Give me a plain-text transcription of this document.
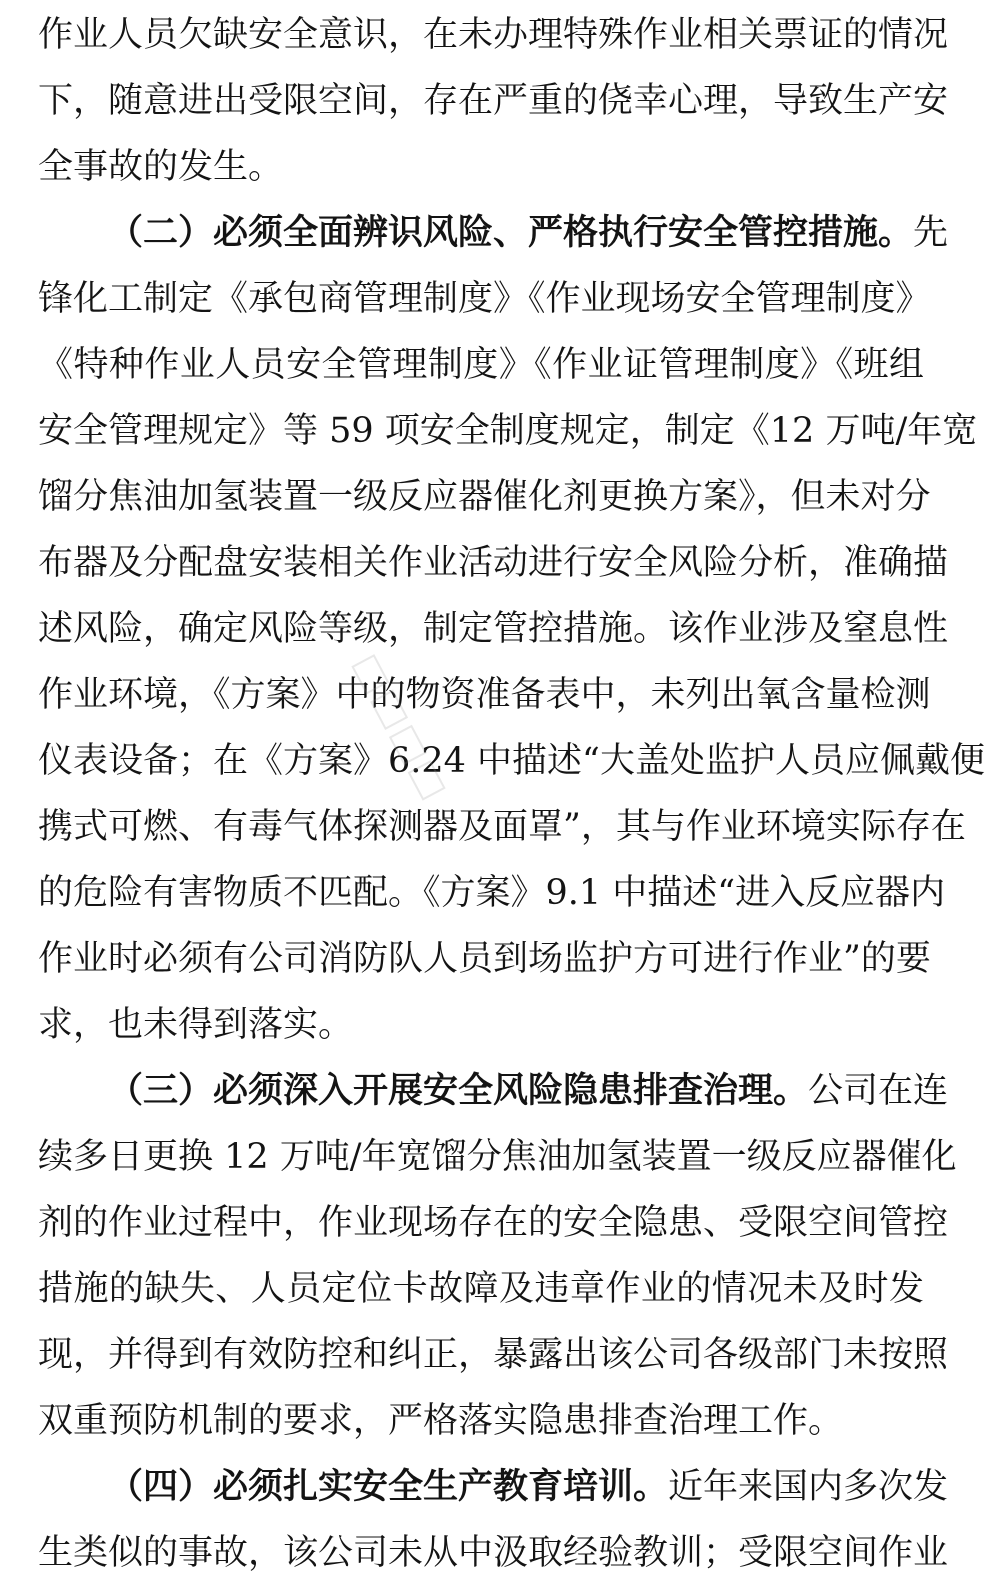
作业人员欠缺安全意识，在未办理特殊作业相关票证的情况
下，随意进出受限空间，存在严重的侥幸心理，导致生产安
全事故的发生。
（二）必须全面辨识风险、严格执行安全管控措施。先
锋化工制定《承包商管理制度》《作业现场安全管理制度》
《特种作业人员安全管理制度》《作业证管理制度》《班组
安全管理规定》等 59 项安全制度规定，制定《12 万吨/年宽
馏分焦油加氢装置一级反应器催化剂更换方案》，但未对分
布器及分配盘安装相关作业活动进行安全风险分析，准确描
述风险，确定风险等级，制定管控措施。该作业涉及窒息性
作业环境，《方案》中的物资准备表中，未列出氧含量检测
仪表设备；在《方案》6.24 中描述“大盖处监护人员应佩戴便
携式可燃、有毒气体探测器及面罩”，其与作业环境实际存在
的危险有害物质不匹配。《方案》9.1 中描述“进入反应器内
作业时必须有公司消防队人员到场监护方可进行作业”的要
求，也未得到落实。
（三）必须深入开展安全风险隐患排查治理。公司在连
续多日更换 12 万吨/年宽馏分焦油加氢装置一级反应器催化
剂的作业过程中，作业现场存在的安全隐患、受限空间管控
措施的缺失、人员定位卡故障及违章作业的情况未及时发
现，并得到有效防控和纠正，暴露出该公司各级部门未按照
双重预防机制的要求，严格落实隐患排查治理工作。
（四）必须扎实安全生产教育培训。近年来国内多次发
生类似的事故，该公司未从中汲取经验教训；受限空间作业
